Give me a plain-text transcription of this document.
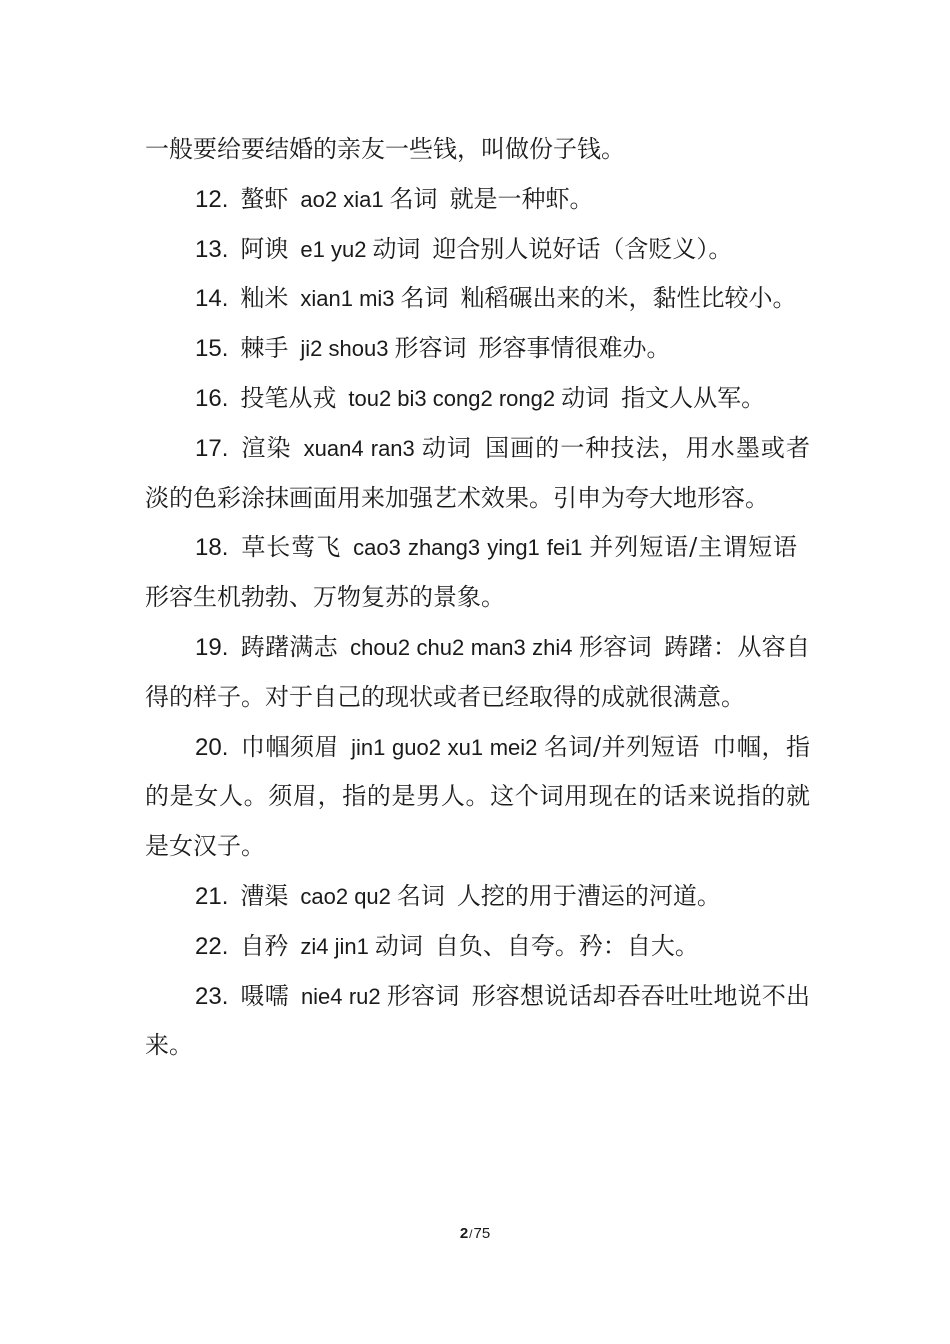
一般要给要结婚的亲友一些钱，叫做份子钱。

12. 螯虾 ao2 xia1 名词 就是一种虾。

13. 阿谀 e1 yu2 动词 迎合别人说好话（含贬义）。

14. 籼米 xian1 mi3 名词 籼稻碾出来的米，黏性比较小。

15. 棘手 ji2 shou3 形容词 形容事情很难办。

16. 投笔从戎 tou2 bi3 cong2 rong2 动词 指文人从军。

17. 渲染 xuan4 ran3 动词 国画的一种技法，用水墨或者淡的色彩涂抹画面用来加强艺术效果。引申为夸大地形容。

18. 草长莺飞 cao3 zhang3 ying1 fei1 并列短语/主谓短语形容生机勃勃、万物复苏的景象。

19. 踌躇满志 chou2 chu2 man3 zhi4 形容词 踌躇：从容自得的样子。对于自己的现状或者已经取得的成就很满意。

20. 巾帼须眉 jin1 guo2 xu1 mei2 名词/并列短语 巾帼，指的是女人。须眉，指的是男人。这个词用现在的话来说指的就是女汉子。

21. 漕渠 cao2 qu2 名词 人挖的用于漕运的河道。

22. 自矜 zi4 jin1 动词 自负、自夸。矜：自大。

23. 嗫嚅 nie4 ru2 形容词 形容想说话却吞吞吐吐地说不出来。

2/75
